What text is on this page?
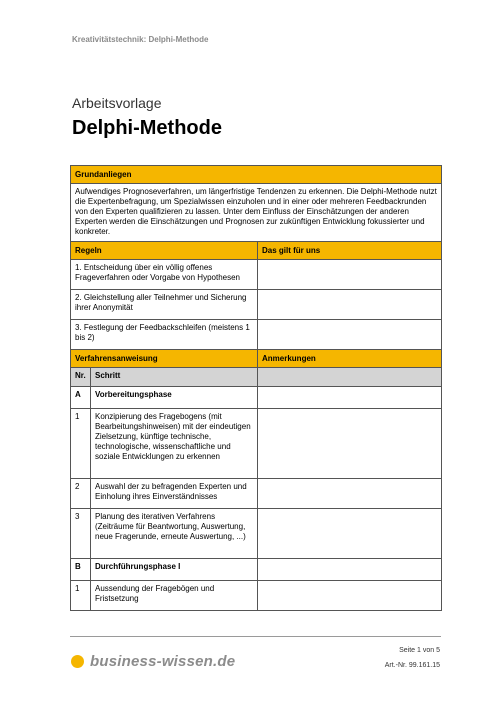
Kreativitätstechnik: Delphi-Methode
Arbeitsvorlage
Delphi-Methode
Grundanliegen		
Aufwendiges Prognoseverfahren, um längerfristige Tendenzen zu erkennen. Die Delphi-Methode nutzt die Expertenbefragung, um Spezialwissen einzuholen und in einer oder mehreren Feedbackrunden von den Experten qualifizieren zu lassen. Unter dem Einfluss der Einschätzungen der anderen Experten werden die Einschätzungen und Prognosen zur zukünftigen Entwicklung fokussierter und konkreter.		
Regeln		Das gilt für uns
1. Entscheidung über ein völlig offenes Frageverfahren oder Vorgabe von Hypothesen		
2. Gleichstellung aller Teilnehmer und Sicherung ihrer Anonymität		
3. Festlegung der Feedbackschleifen (meistens 1 bis 2)		
Verfahrensanweisung		Anmerkungen
Nr.	Schritt	
A	Vorbereitungsphase	
1	Konzipierung des Fragebogens (mit Bearbeitungshinweisen) mit der eindeutigen Zielsetzung, künftige technische, technologische, wissenschaftliche und soziale Entwicklungen zu erkennen	
2	Auswahl der zu befragenden Experten und Einholung ihres Einverständnisses	
3	Planung des iterativen Verfahrens (Zeiträume für Beantwortung, Auswertung, neue Fragerunde, erneute Auswertung, ...)	
B	Durchführungsphase I	
1	Aussendung der Fragebögen und Fristsetzung	
business-wissen.de
Seite 1 von 5
Art.-Nr. 99.161.15
